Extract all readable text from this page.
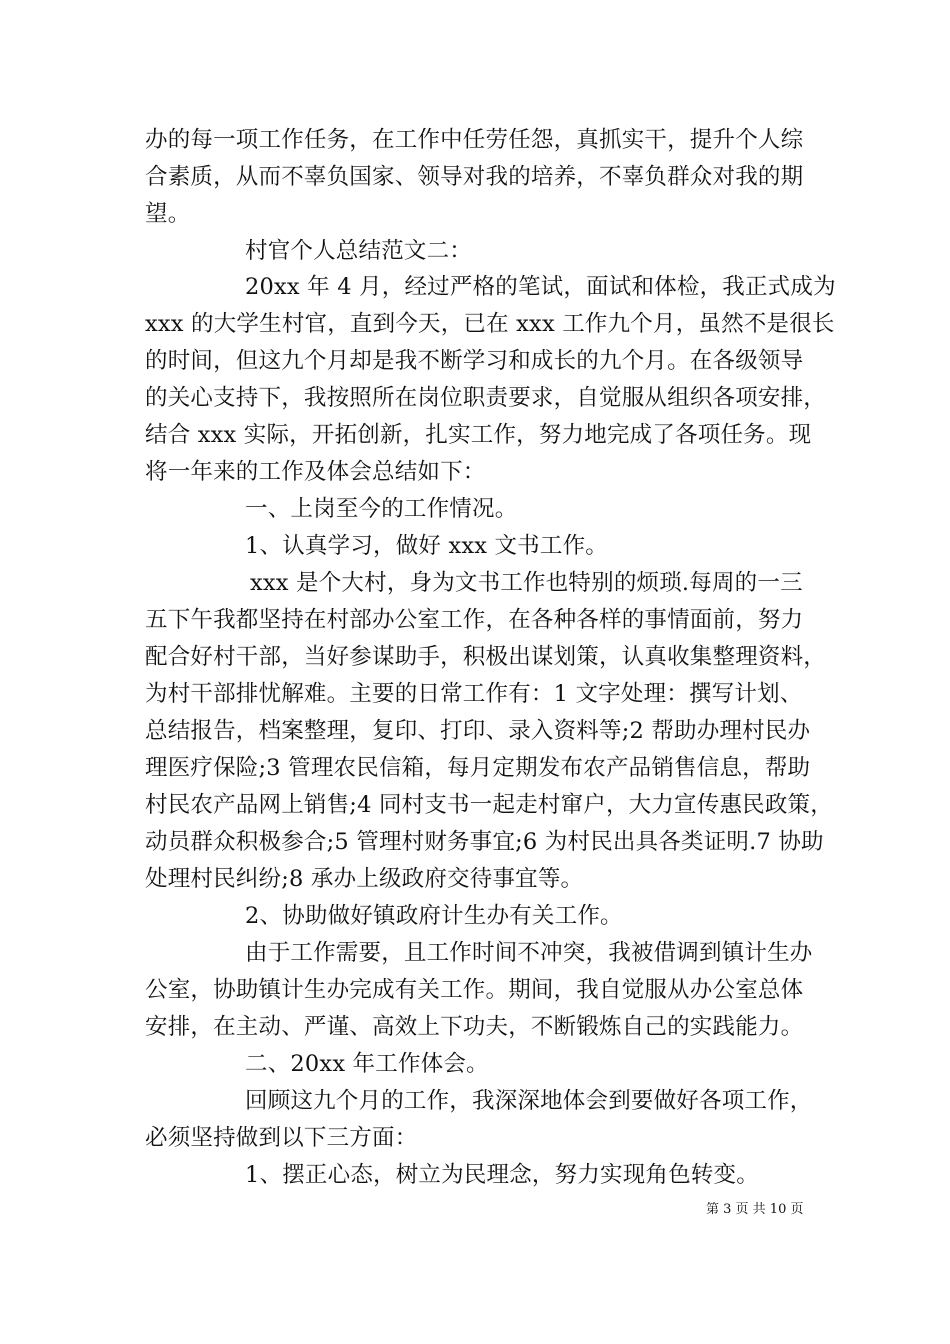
办的每一项工作任务，在工作中任劳任怨，真抓实干，提升个人综
合素质，从而不辜负国家、领导对我的培养，不辜负群众对我的期
望。
村官个人总结范文二：
20xx 年 4 月，经过严格的笔试，面试和体检，我正式成为
xxx 的大学生村官，直到今天，已在 xxx 工作九个月，虽然不是很长
的时间，但这九个月却是我不断学习和成长的九个月。在各级领导
的关心支持下，我按照所在岗位职责要求，自觉服从组织各项安排，
结合 xxx 实际，开拓创新，扎实工作，努力地完成了各项任务。现
将一年来的工作及体会总结如下：
一、上岗至今的工作情况。
1、认真学习，做好 xxx 文书工作。
xxx 是个大村，身为文书工作也特别的烦琐.每周的一三
五下午我都坚持在村部办公室工作，在各种各样的事情面前，努力
配合好村干部，当好参谋助手，积极出谋划策，认真收集整理资料，
为村干部排忧解难。主要的日常工作有：1 文字处理：撰写计划、
总结报告，档案整理，复印、打印、录入资料等;2 帮助办理村民办
理医疗保险;3 管理农民信箱，每月定期发布农产品销售信息，帮助
村民农产品网上销售;4 同村支书一起走村窜户，大力宣传惠民政策，
动员群众积极参合;5 管理村财务事宜;6 为村民出具各类证明.7 协助
处理村民纠纷;8 承办上级政府交待事宜等。
2、协助做好镇政府计生办有关工作。
由于工作需要，且工作时间不冲突，我被借调到镇计生办
公室，协助镇计生办完成有关工作。期间，我自觉服从办公室总体
安排，在主动、严谨、高效上下功夫，不断锻炼自己的实践能力。
二、20xx 年工作体会。
回顾这九个月的工作，我深深地体会到要做好各项工作，
必须坚持做到以下三方面：
1、摆正心态，树立为民理念，努力实现角色转变。
第 3 页 共 10 页
